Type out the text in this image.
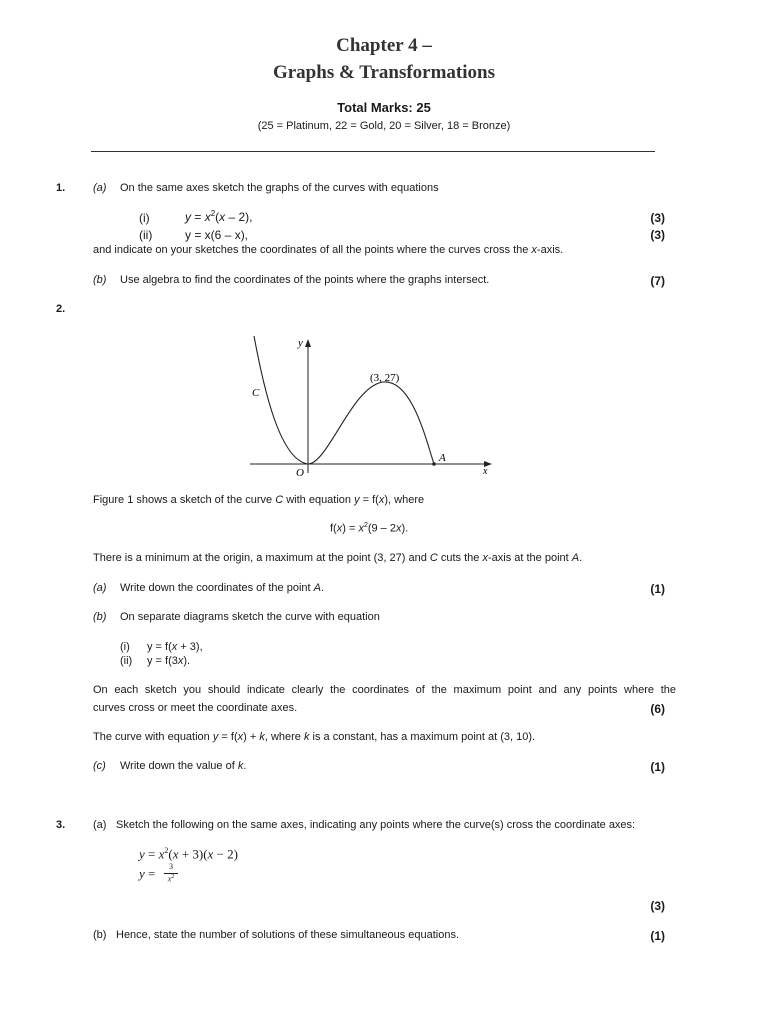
Chapter 4 –
Graphs & Transformations
Total Marks: 25
(25 = Platinum, 22 = Gold, 20 = Silver, 18 = Bronze)
1.	(a) On the same axes sketch the graphs of the curves with equations
(i)	$y = x^2(x - 2)$,	(3)
(ii)	y = x(6 – x),	(3)
and indicate on your sketches the coordinates of all the points where the curves cross the x-axis.
(b) Use algebra to find the coordinates of the points where the graphs intersect.	(7)
2.
y
x
O
C
(3, 27)
A
Figure 1 shows a sketch of the curve C with equation y = f(x), where
$f(x) = x^2(9 - 2x)$.
There is a minimum at the origin, a maximum at the point (3, 27) and C cuts the x-axis at the point A.
(a) Write down the coordinates of the point A.	(1)
(b) On separate diagrams sketch the curve with equation
(i) y = f(x + 3),
(ii) y = f(3x).
On each sketch you should indicate clearly the coordinates of the maximum point and any points where the
curves cross or meet the coordinate axes.	(6)
The curve with equation y = f(x) + k, where k is a constant, has a maximum point at (3, 10).
(c) Write down the value of k.	(1)
3.	(a) Sketch the following on the same axes, indicating any points where the curve(s) cross the coordinate axes:
$y = x^2(x + 3)(x - 2)$
y =	3
$x^2$
(3)
(b) Hence, state the number of solutions of these simultaneous equations.	(1)
